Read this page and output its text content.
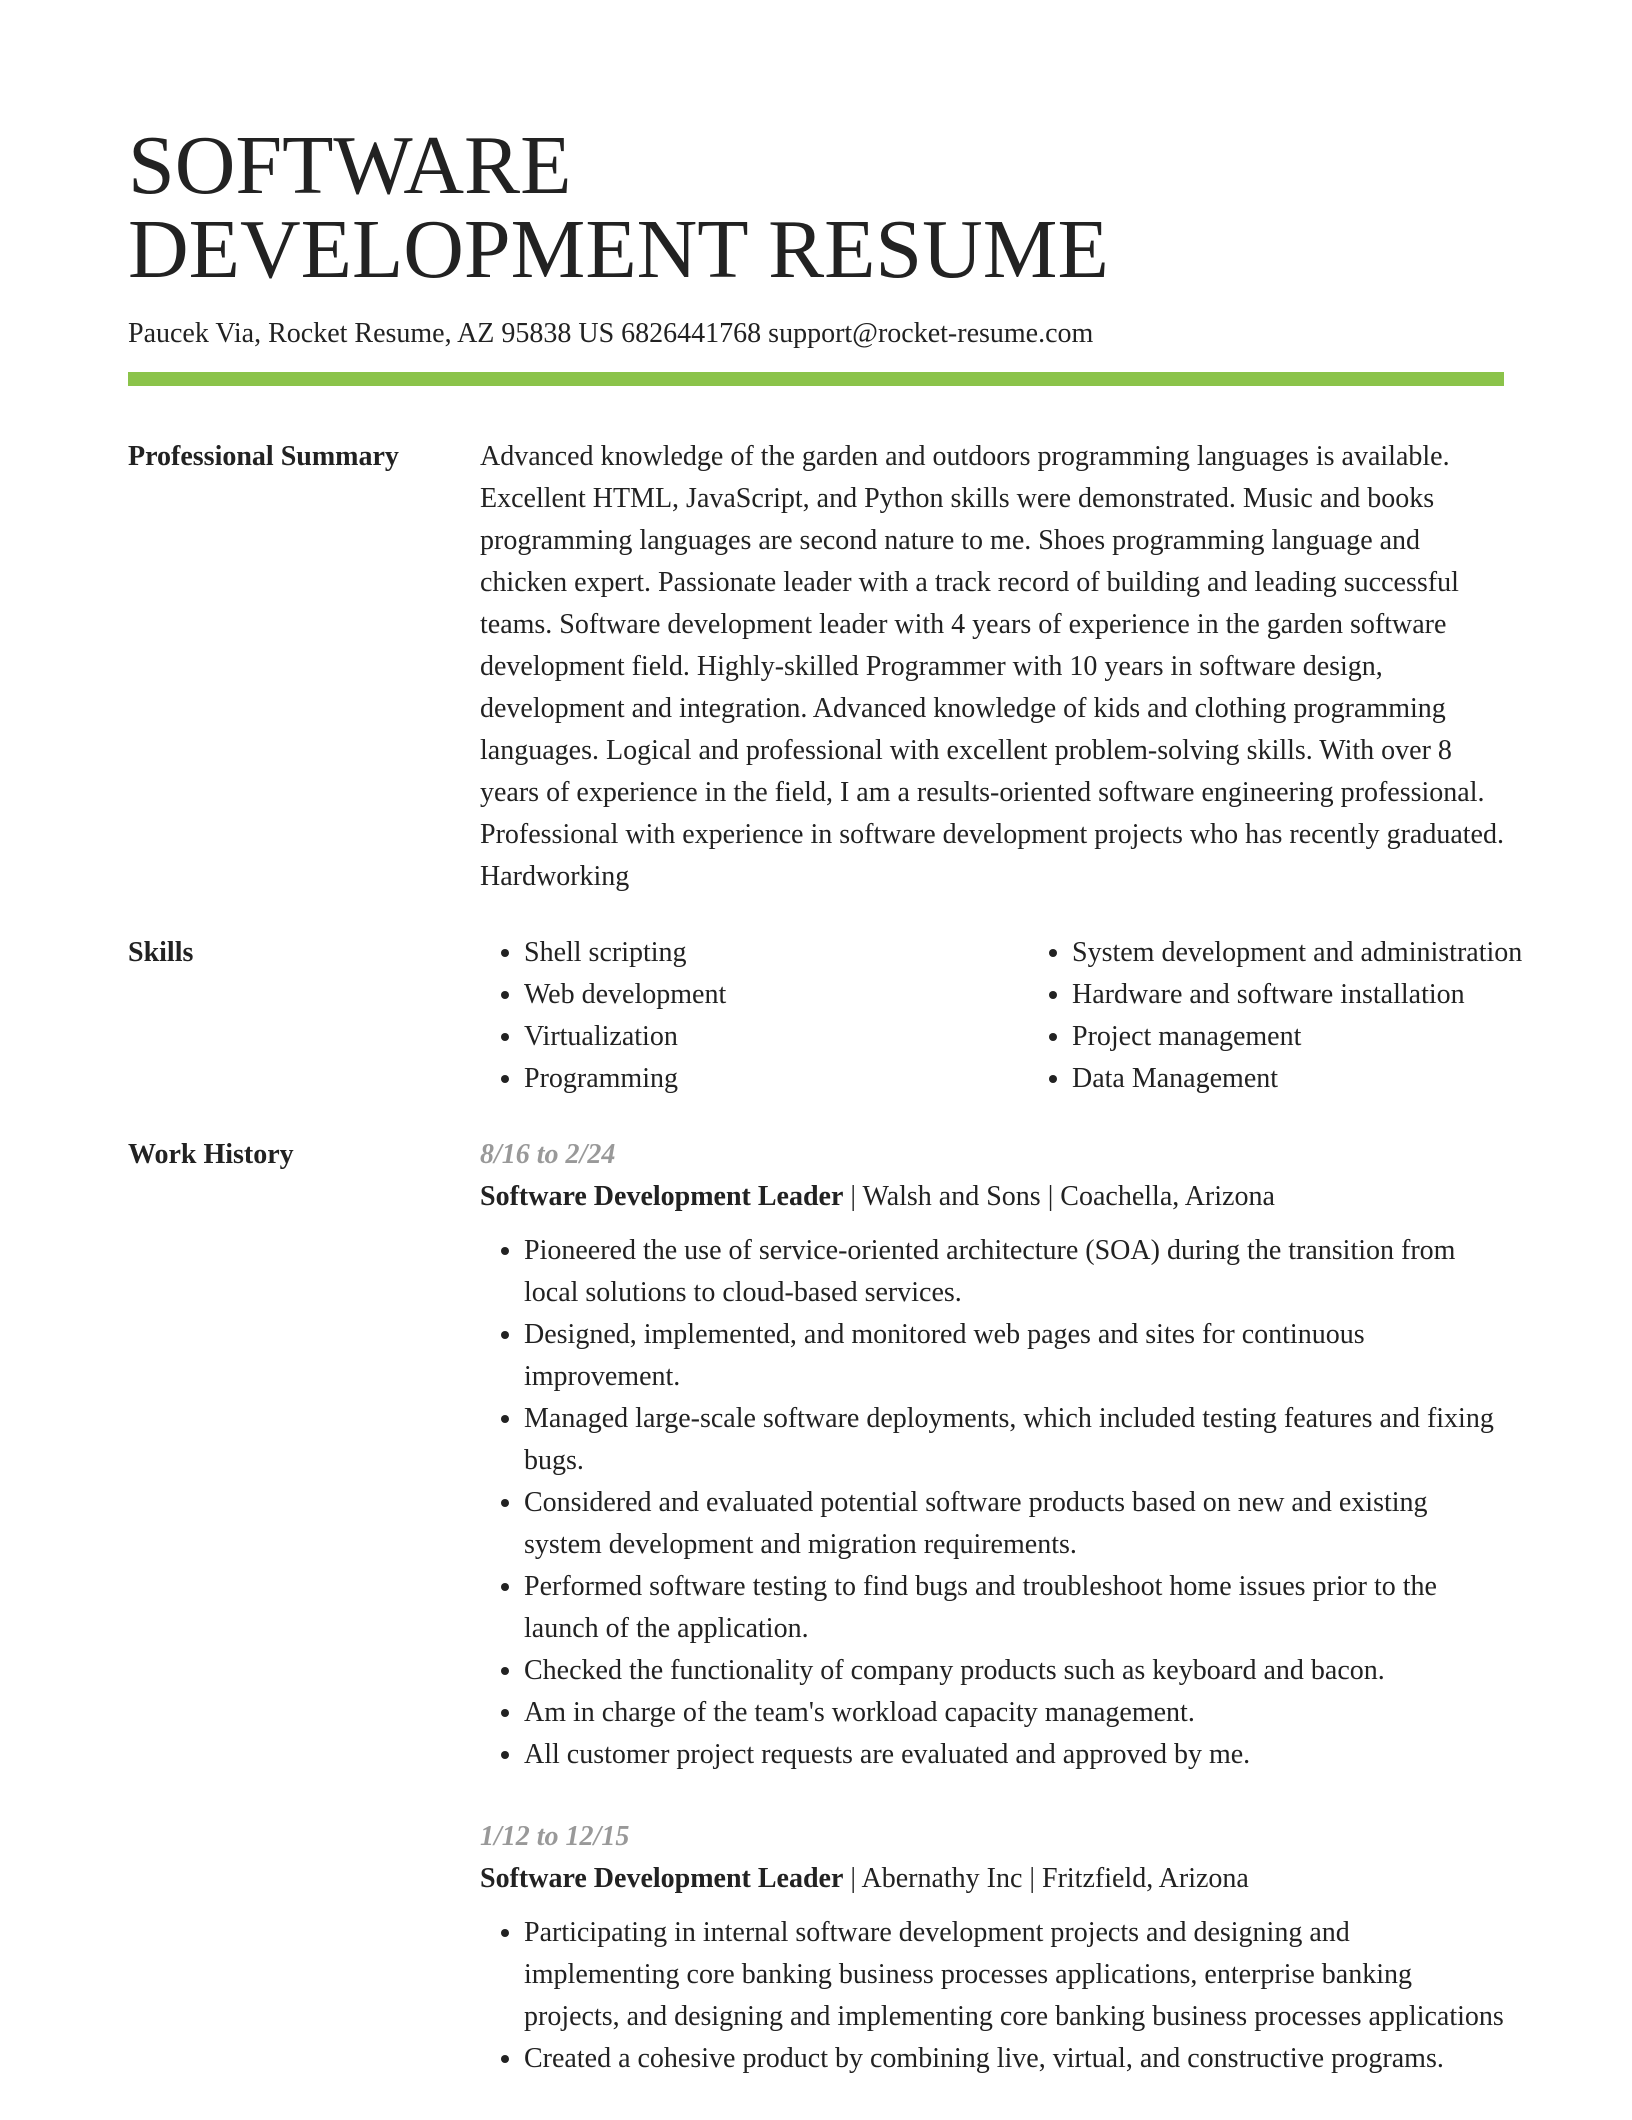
SOFTWARE
DEVELOPMENT RESUME
Paucek Via, Rocket Resume, AZ 95838 US 6826441768 support@rocket-resume.com
Professional Summary	Advanced knowledge of the garden and outdoors programming languages is available. Excellent HTML, JavaScript, and Python skills were demonstrated. Music and books programming languages are second nature to me. Shoes programming language and chicken expert. Passionate leader with a track record of building and leading successful teams. Software development leader with 4 years of experience in the garden software development field. Highly-skilled Programmer with 10 years in software design, development and integration. Advanced knowledge of kids and clothing programming languages. Logical and professional with excellent problem-solving skills. With over 8 years of experience in the field, I am a results-oriented software engineering professional. Professional with experience in software development projects who has recently graduated. Hardworking

Skills
•	Shell scripting
• Web development
• Virtualization
• Programming
• System development and administration
• Hardware and software installation
• Project management
• Data Management
Work History	8/16 to 2/24
Software Development Leader | Walsh and Sons | Coachella, Arizona
• Pioneered the use of service-oriented architecture (SOA) during the transition from local solutions to cloud-based services.
• Designed, implemented, and monitored web pages and sites for continuous improvement.
• Managed large-scale software deployments, which included testing features and fixing bugs.
• Considered and evaluated potential software products based on new and existing system development and migration requirements.
• Performed software testing to find bugs and troubleshoot home issues prior to the launch of the application.
• Checked the functionality of company products such as keyboard and bacon.
• Am in charge of the team's workload capacity management.
• All customer project requests are evaluated and approved by me.
1/12 to 12/15
Software Development Leader | Abernathy Inc | Fritzfield, Arizona
• Participating in internal software development projects and designing and implementing core banking business processes applications, enterprise banking projects, and designing and implementing core banking business processes applications
• Created a cohesive product by combining live, virtual, and constructive programs.
